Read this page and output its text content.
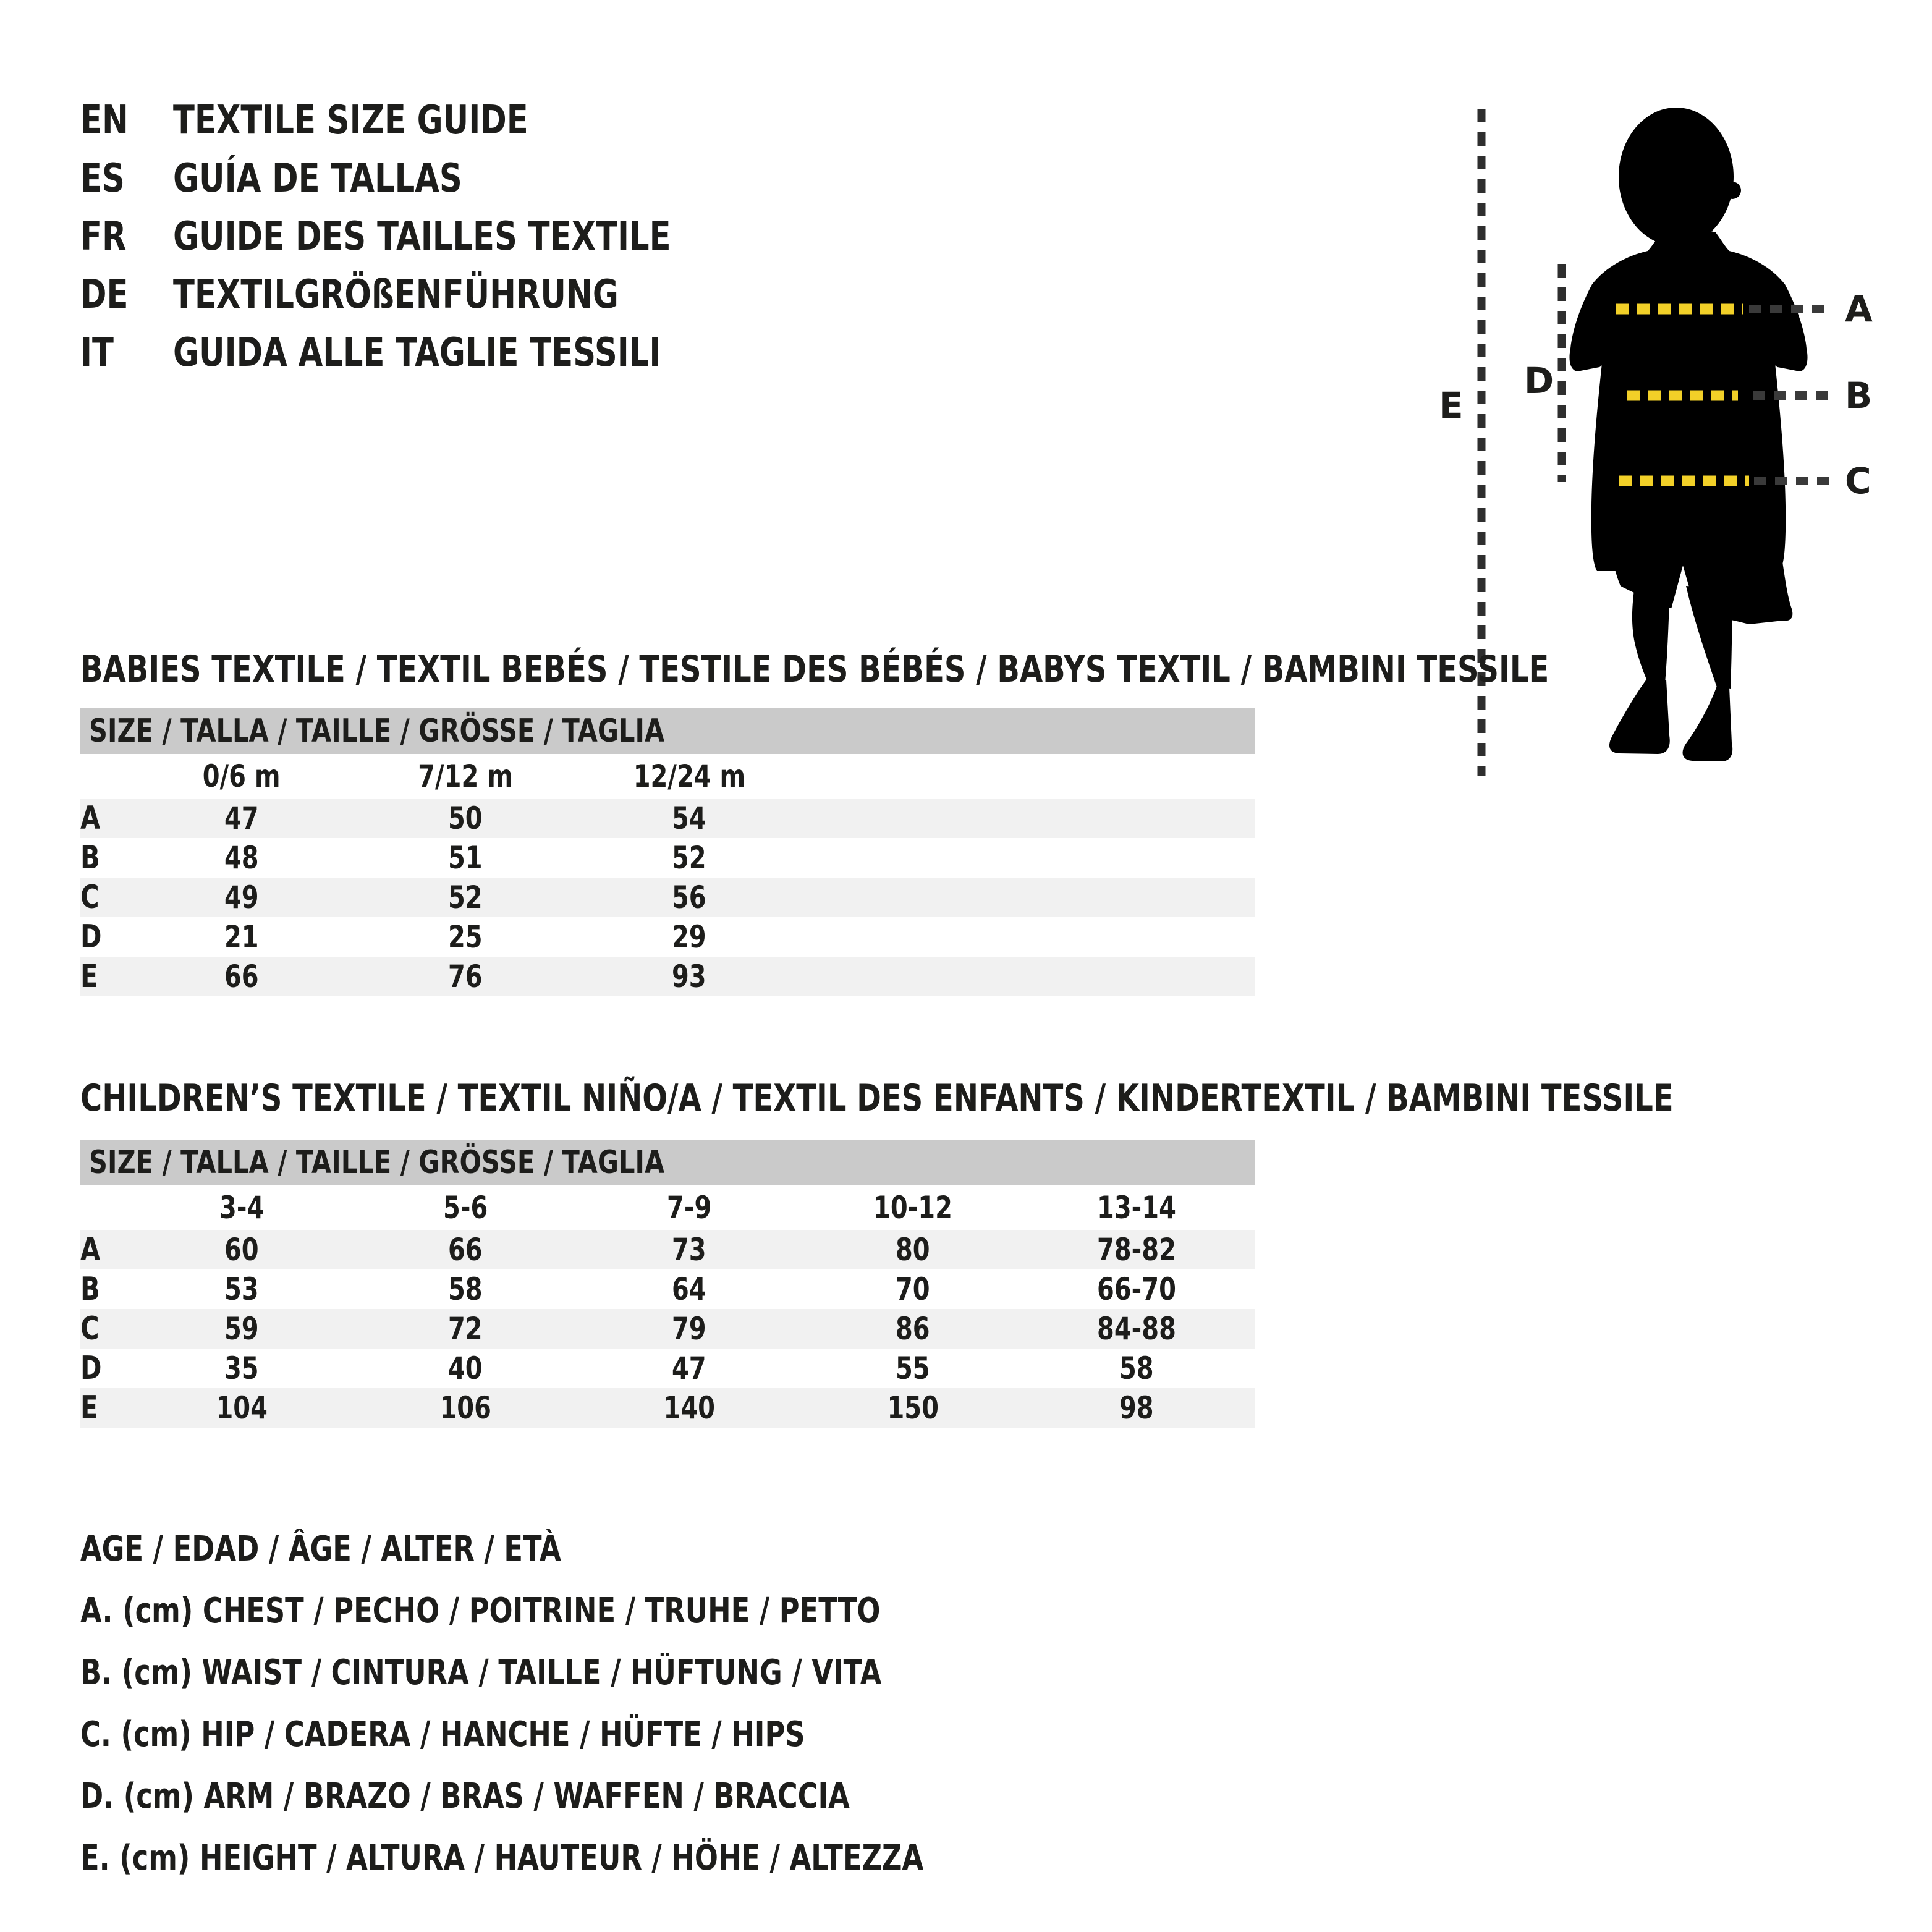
EN	TEXTILE SIZE GUIDE
ES	GUÍA DE TALLAS
FR	GUIDE DES TAILLES TEXTILE
DE	TEXTILGRÖßENFÜHRUNG
IT	GUIDA ALLE TAGLIE TESSILI
A
B
C
D
E
BABIES TEXTILE / TEXTIL BEBÉS / TESTILE DES BÉBÉS / BABYS TEXTIL / BAMBINI TESSILE
SIZE / TALLA / TAILLE / GRÖSSE / TAGLIA
	0/6 m	7/12 m	12/24 m	
A	47	50	54	
B	48	51	52	
C	49	52	56	
D	21	25	29	
E	66	76	93	
CHILDREN’S TEXTILE / TEXTIL NIÑO/A / TEXTIL DES ENFANTS / KINDERTEXTIL / BAMBINI TESSILE
SIZE / TALLA / TAILLE / GRÖSSE / TAGLIA
	3-4	5-6	7-9	10-12	13-14	
A	60	66	73	80	78-82	
B	53	58	64	70	66-70	
C	59	72	79	86	84-88	
D	35	40	47	55	58	
E	104	106	140	150	98	
AGE / EDAD / ÂGE / ALTER / ETÀ
A. (cm) CHEST / PECHO / POITRINE / TRUHE / PETTO
B. (cm) WAIST / CINTURA / TAILLE / HÜFTUNG / VITA
C. (cm) HIP / CADERA / HANCHE / HÜFTE / HIPS
D. (cm) ARM / BRAZO / BRAS / WAFFEN / BRACCIA
E. (cm) HEIGHT / ALTURA / HAUTEUR / HÖHE / ALTEZZA
